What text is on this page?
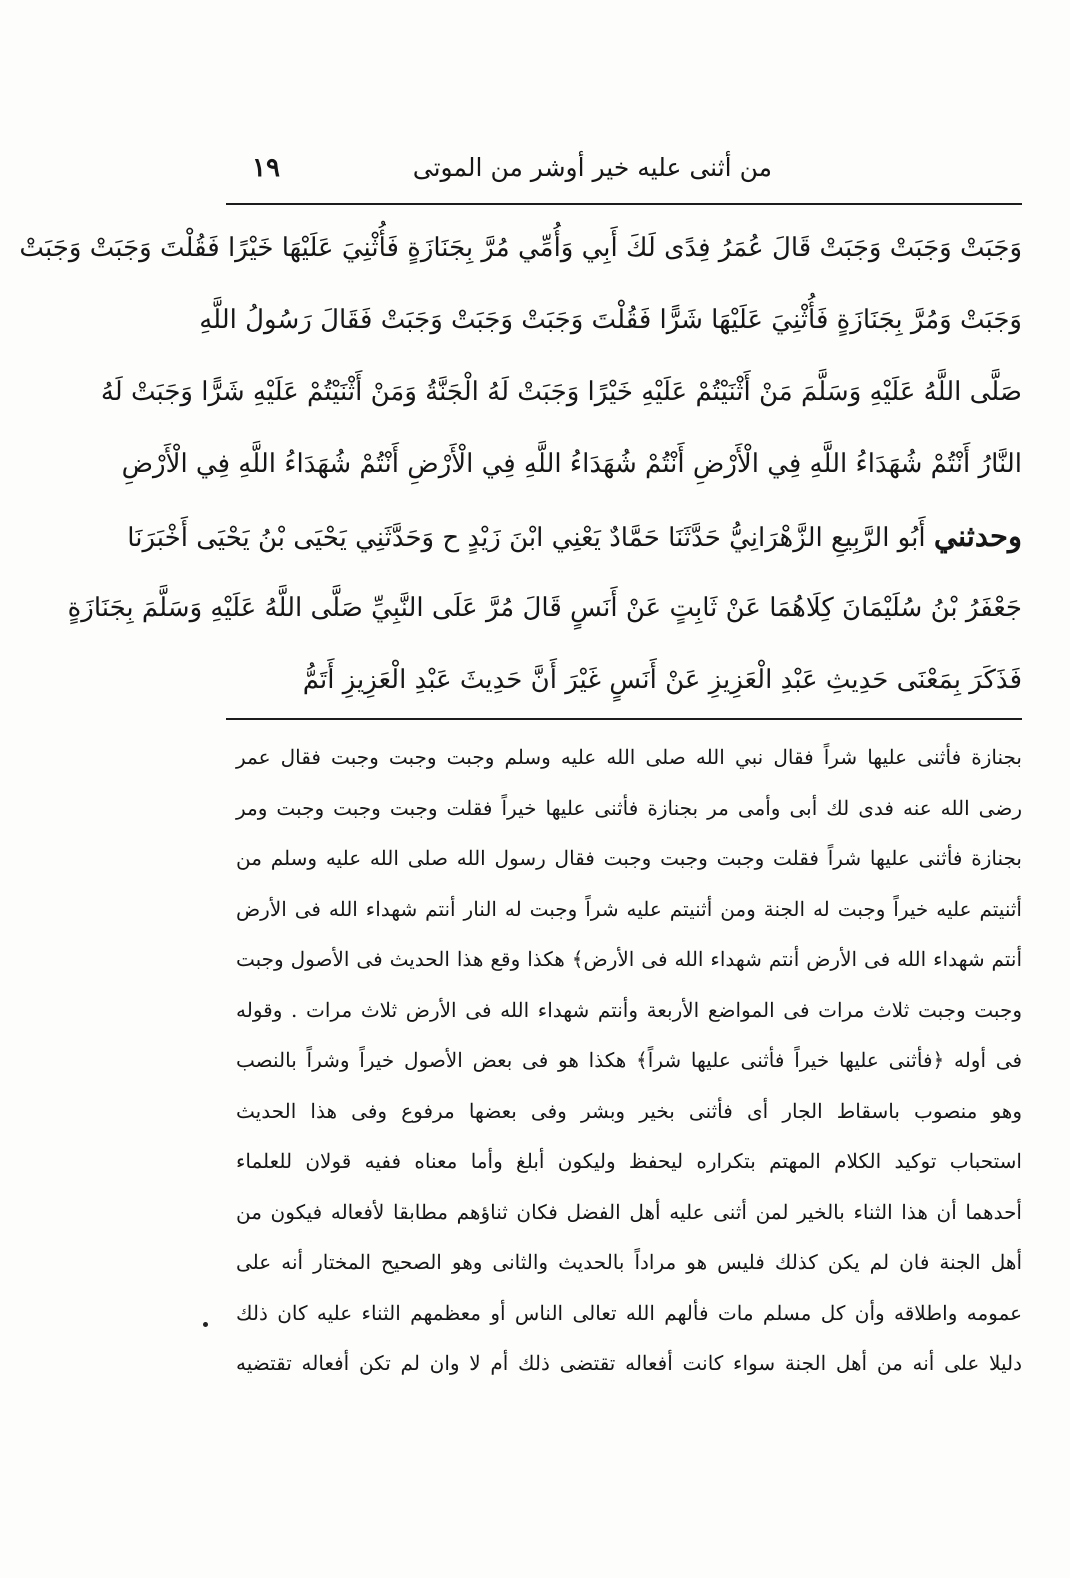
من أثنى عليه خير أوشر من الموتى
١٩
وَجَبَتْ وَجَبَتْ وَجَبَتْ قَالَ عُمَرُ فِدًى لَكَ أَبِي وَأُمِّي مُرَّ بِجَنَازَةٍ فَأُثْنِيَ عَلَيْهَا خَيْرًا فَقُلْتَ وَجَبَتْ وَجَبَتْ
وَجَبَتْ وَمُرَّ بِجَنَازَةٍ فَأُثْنِيَ عَلَيْهَا شَرًّا فَقُلْتَ وَجَبَتْ وَجَبَتْ وَجَبَتْ فَقَالَ رَسُولُ اللَّهِ
صَلَّى اللَّهُ عَلَيْهِ وَسَلَّمَ مَنْ أَثْنَيْتُمْ عَلَيْهِ خَيْرًا وَجَبَتْ لَهُ الْجَنَّةُ وَمَنْ أَثْنَيْتُمْ عَلَيْهِ شَرًّا وَجَبَتْ لَهُ
النَّارُ أَنْتُمْ شُهَدَاءُ اللَّهِ فِي الْأَرْضِ أَنْتُمْ شُهَدَاءُ اللَّهِ فِي الْأَرْضِ أَنْتُمْ شُهَدَاءُ اللَّهِ فِي الْأَرْضِ
وحدثني أَبُو الرَّبِيعِ الزَّهْرَانِيُّ حَدَّثَنَا حَمَّادٌ يَعْنِي ابْنَ زَيْدٍ ح وَحَدَّثَنِي يَحْيَى بْنُ يَحْيَى أَخْبَرَنَا
جَعْفَرُ بْنُ سُلَيْمَانَ كِلَاهُمَا عَنْ ثَابِتٍ عَنْ أَنَسٍ قَالَ مُرَّ عَلَى النَّبِيِّ صَلَّى اللَّهُ عَلَيْهِ وَسَلَّمَ بِجَنَازَةٍ
فَذَكَرَ بِمَعْنَى حَدِيثِ عَبْدِ الْعَزِيزِ عَنْ أَنَسٍ غَيْرَ أَنَّ حَدِيثَ عَبْدِ الْعَزِيزِ أَتَمُّ
بجنازة فأثنى عليها شراً فقال نبي الله صلى الله عليه وسلم وجبت وجبت وجبت فقال عمر
رضى الله عنه فدى لك أبى وأمى مر بجنازة فأثنى عليها خيراً فقلت وجبت وجبت وجبت ومر
بجنازة فأثنى عليها شراً فقلت وجبت وجبت وجبت فقال رسول الله صلى الله عليه وسلم من
أثنيتم عليه خيراً وجبت له الجنة ومن أثنيتم عليه شراً وجبت له النار أنتم شهداء الله فى الأرض
أنتم شهداء الله فى الأرض أنتم شهداء الله فى الأرض﴾ هكذا وقع هذا الحديث فى الأصول وجبت
وجبت وجبت ثلاث مرات فى المواضع الأربعة وأنتم شهداء الله فى الأرض ثلاث مرات . وقوله
فى أوله ﴿فأثنى عليها خيراً فأثنى عليها شراً﴾ هكذا هو فى بعض الأصول خيراً وشراً بالنصب
وهو منصوب باسقاط الجار أى فأثنى بخير وبشر وفى بعضها مرفوع وفى هذا الحديث
استحباب توكيد الكلام المهتم بتكراره ليحفظ وليكون أبلغ وأما معناه ففيه قولان للعلماء
أحدهما أن هذا الثناء بالخير لمن أثنى عليه أهل الفضل فكان ثناؤهم مطابقا لأفعاله فيكون من
أهل الجنة فان لم يكن كذلك فليس هو مراداً بالحديث والثانى وهو الصحيح المختار أنه على
عمومه واطلاقه وأن كل مسلم مات فألهم الله تعالى الناس أو معظمهم الثناء عليه كان ذلك
دليلا على أنه من أهل الجنة سواء كانت أفعاله تقتضى ذلك أم لا وان لم تكن أفعاله تقتضيه
